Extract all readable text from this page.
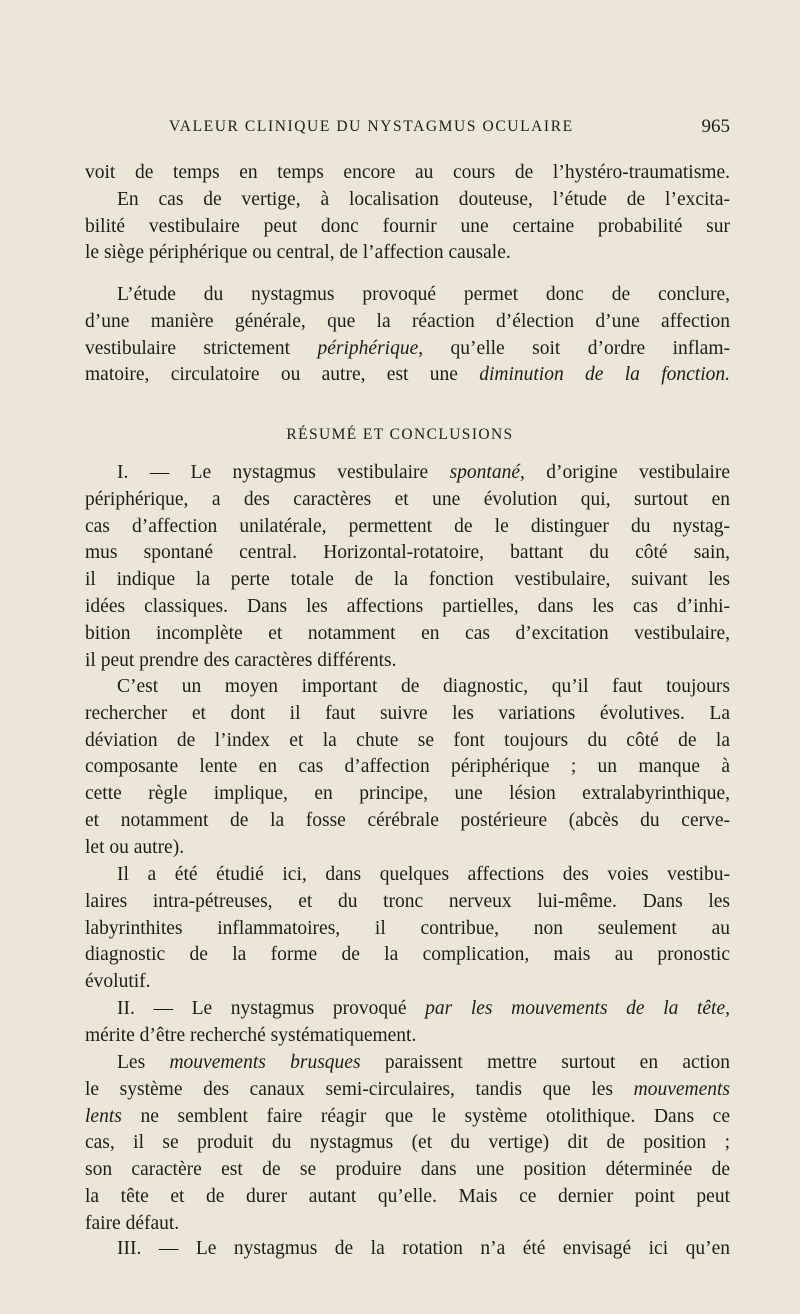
VALEUR CLINIQUE DU NYSTAGMUS OCULAIRE	965
voit de temps en temps encore au cours de l’hystéro-traumatisme.
En cas de vertige, à localisation douteuse, l’étude de l’excita-
bilité vestibulaire peut donc fournir une certaine probabilité sur
le siège périphérique ou central, de l’affection causale.
L’étude du nystagmus provoqué permet donc de conclure,
d’une manière générale, que la réaction d’élection d’une affection
vestibulaire strictement périphérique, qu’elle soit d’ordre inflam-
matoire, circulatoire ou autre, est une diminution de la fonction.
RÉSUMÉ ET CONCLUSIONS
I. — Le nystagmus vestibulaire spontané, d’origine vestibulaire
périphérique, a des caractères et une évolution qui, surtout en
cas d’affection unilatérale, permettent de le distinguer du nystag-
mus spontané central. Horizontal-rotatoire, battant du côté sain,
il indique la perte totale de la fonction vestibulaire, suivant les
idées classiques. Dans les affections partielles, dans les cas d’inhi-
bition incomplète et notamment en cas d’excitation vestibulaire,
il peut prendre des caractères différents.
C’est un moyen important de diagnostic, qu’il faut toujours
rechercher et dont il faut suivre les variations évolutives. La
déviation de l’index et la chute se font toujours du côté de la
composante lente en cas d’affection périphérique ; un manque à
cette règle implique, en principe, une lésion extralabyrinthique,
et notamment de la fosse cérébrale postérieure (abcès du cerve-
let ou autre).
Il a été étudié ici, dans quelques affections des voies vestibu-
laires intra-pétreuses, et du tronc nerveux lui-même. Dans les
labyrinthites inflammatoires, il contribue, non seulement au
diagnostic de la forme de la complication, mais au pronostic
évolutif.
II. — Le nystagmus provoqué par les mouvements de la tête,
mérite d’être recherché systématiquement.
Les mouvements brusques paraissent mettre surtout en action
le système des canaux semi-circulaires, tandis que les mouvements
lents ne semblent faire réagir que le système otolithique. Dans ce
cas, il se produit du nystagmus (et du vertige) dit de position ;
son caractère est de se produire dans une position déterminée de
la tête et de durer autant qu’elle. Mais ce dernier point peut
faire défaut.
III. — Le nystagmus de la rotation n’a été envisagé ici qu’en
